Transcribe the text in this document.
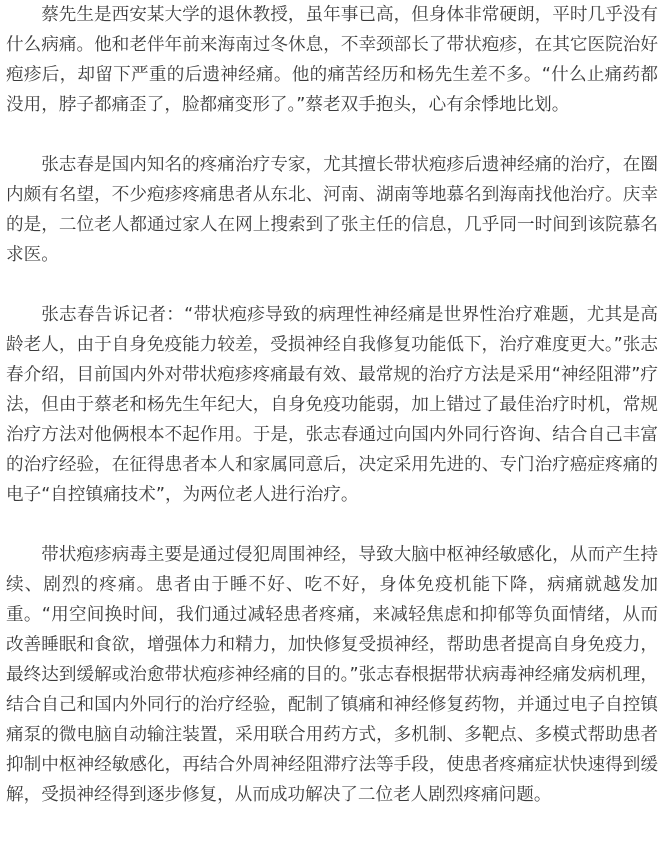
蔡先生是西安某大学的退休教授，虽年事已高，但身体非常硬朗，平时几乎没有什么病痛。他和老伴年前来海南过冬休息，不幸颈部长了带状疱疹，在其它医院治好疱疹后，却留下严重的后遗神经痛。他的痛苦经历和杨先生差不多。“什么止痛药都没用，脖子都痛歪了，脸都痛变形了。”蔡老双手抱头，心有余悸地比划。

张志春是国内知名的疼痛治疗专家，尤其擅长带状疱疹后遗神经痛的治疗，在圈内颇有名望，不少疱疹疼痛患者从东北、河南、湖南等地慕名到海南找他治疗。庆幸的是，二位老人都通过家人在网上搜索到了张主任的信息，几乎同一时间到该院慕名求医。

张志春告诉记者：“带状疱疹导致的病理性神经痛是世界性治疗难题，尤其是高龄老人，由于自身免疫能力较差，受损神经自我修复功能低下，治疗难度更大。”张志春介绍，目前国内外对带状疱疹疼痛最有效、最常规的治疗方法是采用“神经阻滞”疗法，但由于蔡老和杨先生年纪大，自身免疫功能弱，加上错过了最佳治疗时机，常规治疗方法对他俩根本不起作用。于是，张志春通过向国内外同行咨询、结合自己丰富的治疗经验，在征得患者本人和家属同意后，决定采用先进的、专门治疗癌症疼痛的电子“自控镇痛技术”，为两位老人进行治疗。

带状疱疹病毒主要是通过侵犯周围神经，导致大脑中枢神经敏感化，从而产生持续、剧烈的疼痛。患者由于睡不好、吃不好，身体免疫机能下降，病痛就越发加重。“用空间换时间，我们通过减轻患者疼痛，来减轻焦虑和抑郁等负面情绪，从而改善睡眠和食欲，增强体力和精力，加快修复受损神经，帮助患者提高自身免疫力，最终达到缓解或治愈带状疱疹神经痛的目的。”张志春根据带状病毒神经痛发病机理，结合自己和国内外同行的治疗经验，配制了镇痛和神经修复药物，并通过电子自控镇痛泵的微电脑自动输注装置，采用联合用药方式，多机制、多靶点、多模式帮助患者抑制中枢神经敏感化，再结合外周神经阻滞疗法等手段，使患者疼痛症状快速得到缓解，受损神经得到逐步修复，从而成功解决了二位老人剧烈疼痛问题。
